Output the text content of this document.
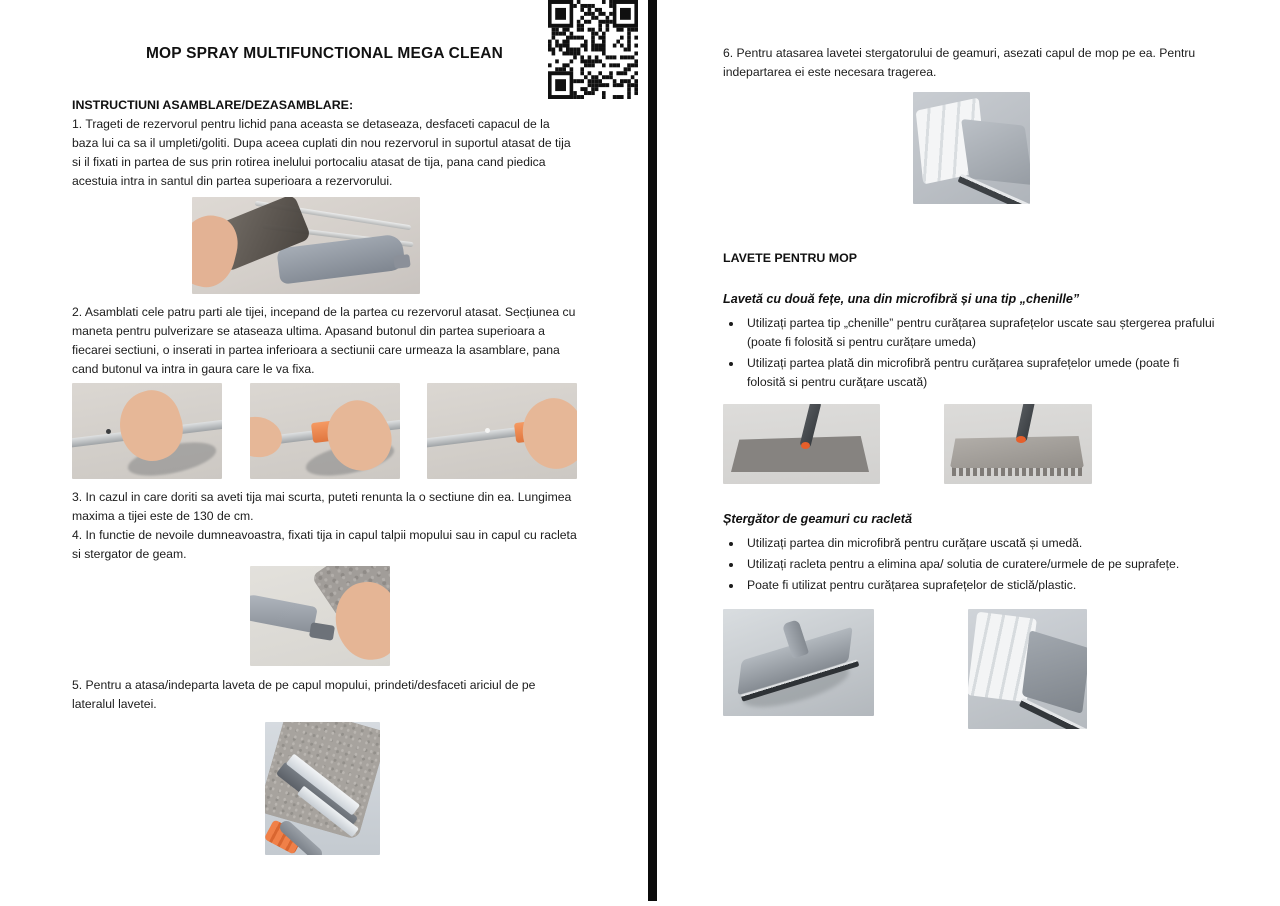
MOP SPRAY MULTIFUNCTIONAL MEGA CLEAN
INSTRUCTIUNI ASAMBLARE/DEZASAMBLARE:

1. Trageti de rezervorul pentru lichid pana aceasta se detaseaza, desfaceti capacul de la baza lui ca sa il umpleti/goliti. Dupa aceea cuplati din nou rezervorul in suportul atasat de tija si il fixati in partea de sus prin rotirea inelului portocaliu atasat de tija, pana cand piedica acestuia intra in santul din partea superioara a rezervorului.

2. Asamblati cele patru parti ale tijei, incepand de la partea cu rezervorul atasat. Secțiunea cu maneta pentru pulverizare se ataseaza ultima. Apasand butonul din partea superioara a fiecarei sectiuni, o inserati in partea inferioara a sectiunii care urmeaza la asamblare, pana cand butonul va intra in gaura care le va fixa.

3. In cazul in care doriti sa aveti tija mai scurta, puteti renunta la o sectiune din ea. Lungimea maxima a tijei este de 130 de cm.

4. In functie de nevoile dumneavoastra, fixati tija in capul talpii mopului sau in capul cu racleta si stergator de geam.

5. Pentru a atasa/indeparta laveta de pe capul mopului, prindeti/desfaceti ariciul de pe lateralul lavetei.

6. Pentru atasarea lavetei stergatorului de geamuri, asezati capul de mop pe ea. Pentru indepartarea ei este necesara tragerea.

LAVETE PENTRU MOP
Lavetă cu două fețe, una din microfibră și una tip „chenille”
• Utilizați partea tip „chenille” pentru curățarea suprafețelor uscate sau ștergerea prafului (poate fi folosită si pentru curățare umeda)
• Utilizați partea plată din microfibră pentru curățarea suprafețelor umede (poate fi folosită si pentru curățare uscată)
Ștergător de geamuri cu racletă
• Utilizați partea din microfibră pentru curățare uscată și umedă.
• Utilizați racleta pentru a elimina apa/ solutia de curatere/urmele de pe suprafețe.
• Poate fi utilizat pentru curățarea suprafețelor de sticlă/plastic.
